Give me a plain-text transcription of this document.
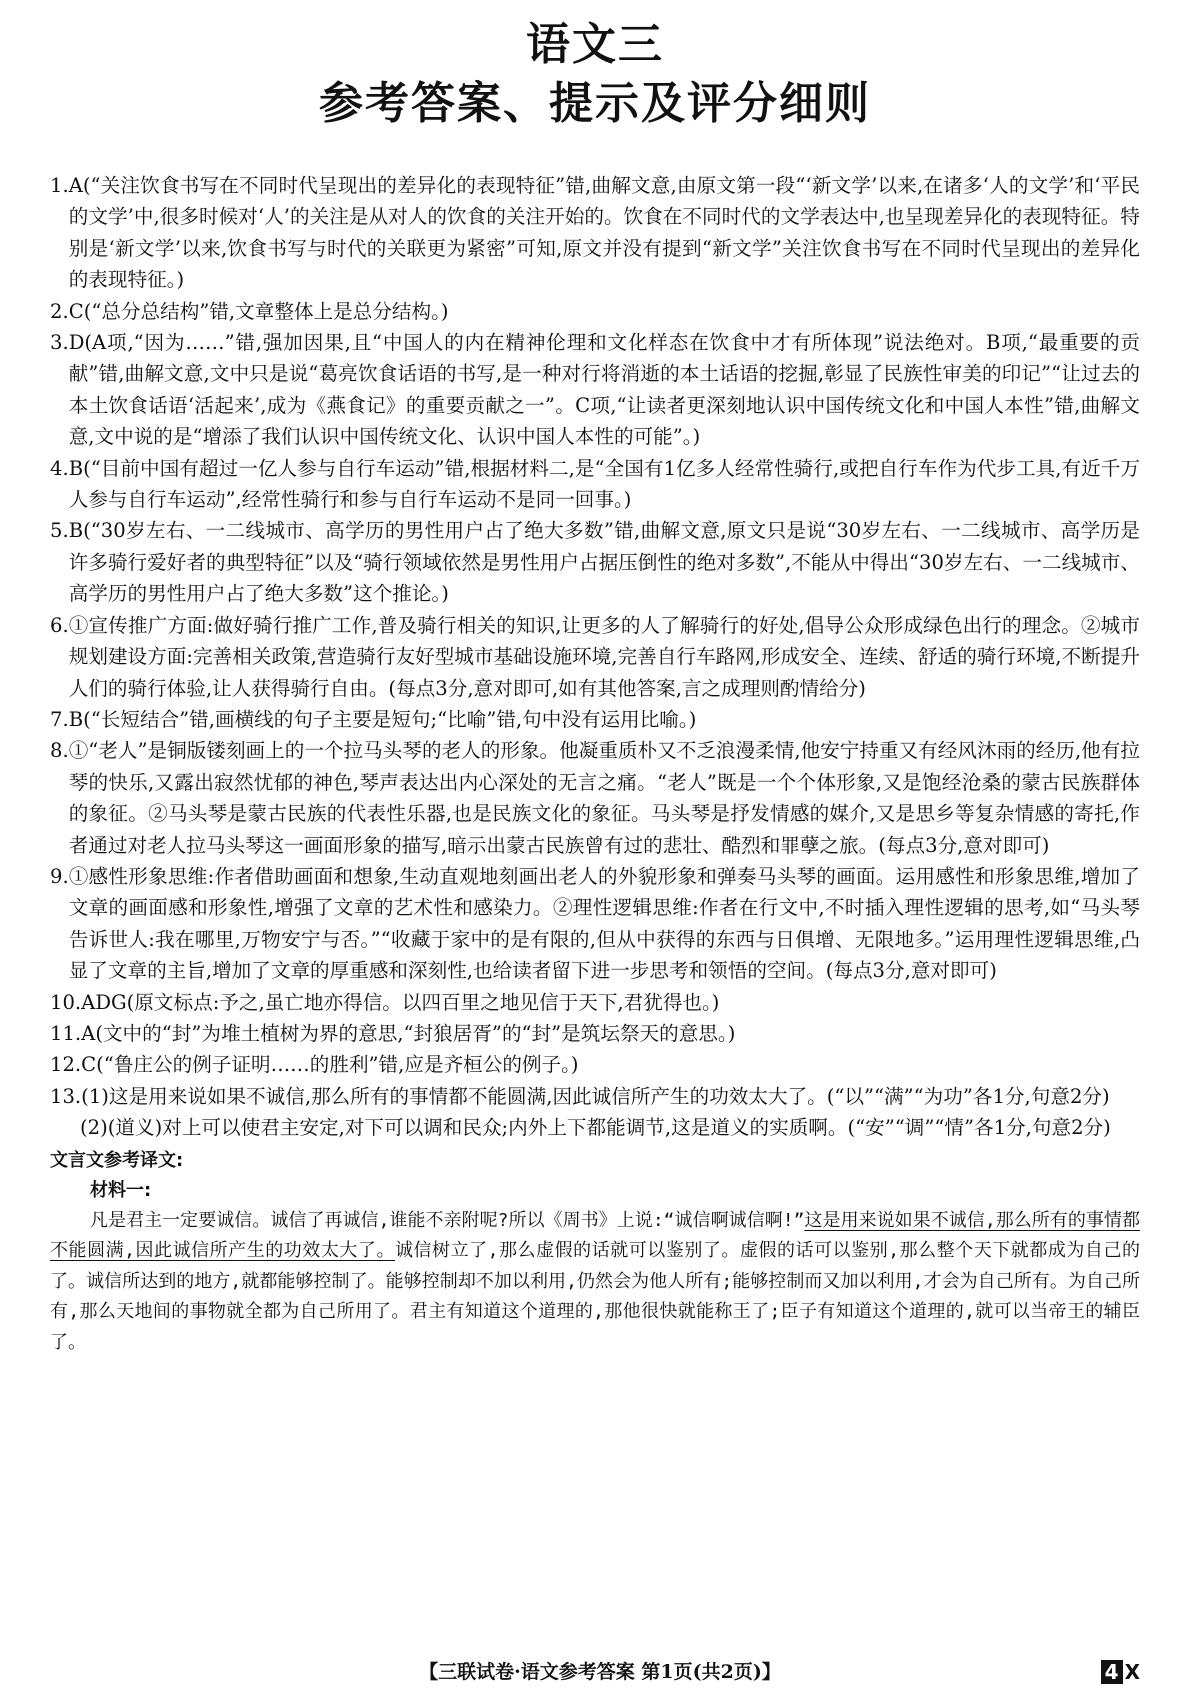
语文三
参考答案、提示及评分细则
1. A(“关注饮食书写在不同时代呈现出的差异化的表现特征”错,曲解文意,由原文第一段“‘新文学’以来,在诸多‘人的文学’和‘平民的文学’中,很多时候对‘人’的关注是从对人的饮食的关注开始的。饮食在不同时代的文学表达中,也呈现差异化的表现特征。特别是‘新文学’以来,饮食书写与时代的关联更为紧密”可知,原文并没有提到“新文学”关注饮食书写在不同时代呈现出的差异化的表现特征。)
2. C(“总分总结构”错,文章整体上是总分结构。)
3. D(A项,“因为……”错,强加因果,且“中国人的内在精神伦理和文化样态在饮食中才有所体现”说法绝对。B项,“最重要的贡献”错,曲解文意,文中只是说“葛亮饮食话语的书写,是一种对行将消逝的本土话语的挖掘,彰显了民族性审美的印记”“让过去的本土饮食话语‘活起来’,成为《燕食记》的重要贡献之一”。C项,“让读者更深刻地认识中国传统文化和中国人本性”错,曲解文意,文中说的是“增添了我们认识中国传统文化、认识中国人本性的可能”。)
4. B(“目前中国有超过一亿人参与自行车运动”错,根据材料二,是“全国有1亿多人经常性骑行,或把自行车作为代步工具,有近千万人参与自行车运动”,经常性骑行和参与自行车运动不是同一回事。)
5. B(“30岁左右、一二线城市、高学历的男性用户占了绝大多数”错,曲解文意,原文只是说“30岁左右、一二线城市、高学历是许多骑行爱好者的典型特征”以及“骑行领域依然是男性用户占据压倒性的绝对多数”,不能从中得出“30岁左右、一二线城市、高学历的男性用户占了绝大多数”这个推论。)
6. ①宣传推广方面:做好骑行推广工作,普及骑行相关的知识,让更多的人了解骑行的好处,倡导公众形成绿色出行的理念。②城市规划建设方面:完善相关政策,营造骑行友好型城市基础设施环境,完善自行车路网,形成安全、连续、舒适的骑行环境,不断提升人们的骑行体验,让人获得骑行自由。(每点3分,意对即可,如有其他答案,言之成理则酌情给分)
7. B(“长短结合”错,画横线的句子主要是短句;“比喻”错,句中没有运用比喻。)
8. ①“老人”是铜版镂刻画上的一个拉马头琴的老人的形象。他凝重质朴又不乏浪漫柔情,他安宁持重又有经风沐雨的经历,他有拉琴的快乐,又露出寂然忧郁的神色,琴声表达出内心深处的无言之痛。“老人”既是一个个体形象,又是饱经沧桑的蒙古民族群体的象征。②马头琴是蒙古民族的代表性乐器,也是民族文化的象征。马头琴是抒发情感的媒介,又是思乡等复杂情感的寄托,作者通过对老人拉马头琴这一画面形象的描写,暗示出蒙古民族曾有过的悲壮、酷烈和罪孽之旅。(每点3分,意对即可)
9. ①感性形象思维:作者借助画面和想象,生动直观地刻画出老人的外貌形象和弹奏马头琴的画面。运用感性和形象思维,增加了文章的画面感和形象性,增强了文章的艺术性和感染力。②理性逻辑思维:作者在行文中,不时插入理性逻辑的思考,如“马头琴告诉世人:我在哪里,万物安宁与否。”“收藏于家中的是有限的,但从中获得的东西与日俱增、无限地多。”运用理性逻辑思维,凸显了文章的主旨,增加了文章的厚重感和深刻性,也给读者留下进一步思考和领悟的空间。(每点3分,意对即可)
10. ADG(原文标点:予之,虽亡地亦得信。以四百里之地见信于天下,君犹得也。)
11. A(文中的“封”为堆土植树为界的意思,“封狼居胥”的“封”是筑坛祭天的意思。)
12. C(“鲁庄公的例子证明……的胜利”错,应是齐桓公的例子。)
13. (1)这是用来说如果不诚信,那么所有的事情都不能圆满,因此诚信所产生的功效太大了。(“以”“满”“为功”各1分,句意2分)
(2)(道义)对上可以使君主安定,对下可以调和民众;内外上下都能调节,这是道义的实质啊。(“安”“调”“情”各1分,句意2分)
文言文参考译文:
材料一:

凡是君主一定要诚信。诚信了再诚信,谁能不亲附呢?所以《周书》上说:“诚信啊诚信啊!”这是用来说如果不诚信,那么所有的事情都不能圆满,因此诚信所产生的功效太大了。诚信树立了,那么虚假的话就可以鉴别了。虚假的话可以鉴别,那么整个天下就都成为自己的了。诚信所达到的地方,就都能够控制了。能够控制却不加以利用,仍然会为他人所有;能够控制而又加以利用,才会为自己所有。为自己所有,那么天地间的事物就全都为自己所用了。君主有知道这个道理的,那他很快就能称王了;臣子有知道这个道理的,就可以当帝王的辅臣了。

【三联试卷·语文参考答案 第1页(共2页)】	4 X
